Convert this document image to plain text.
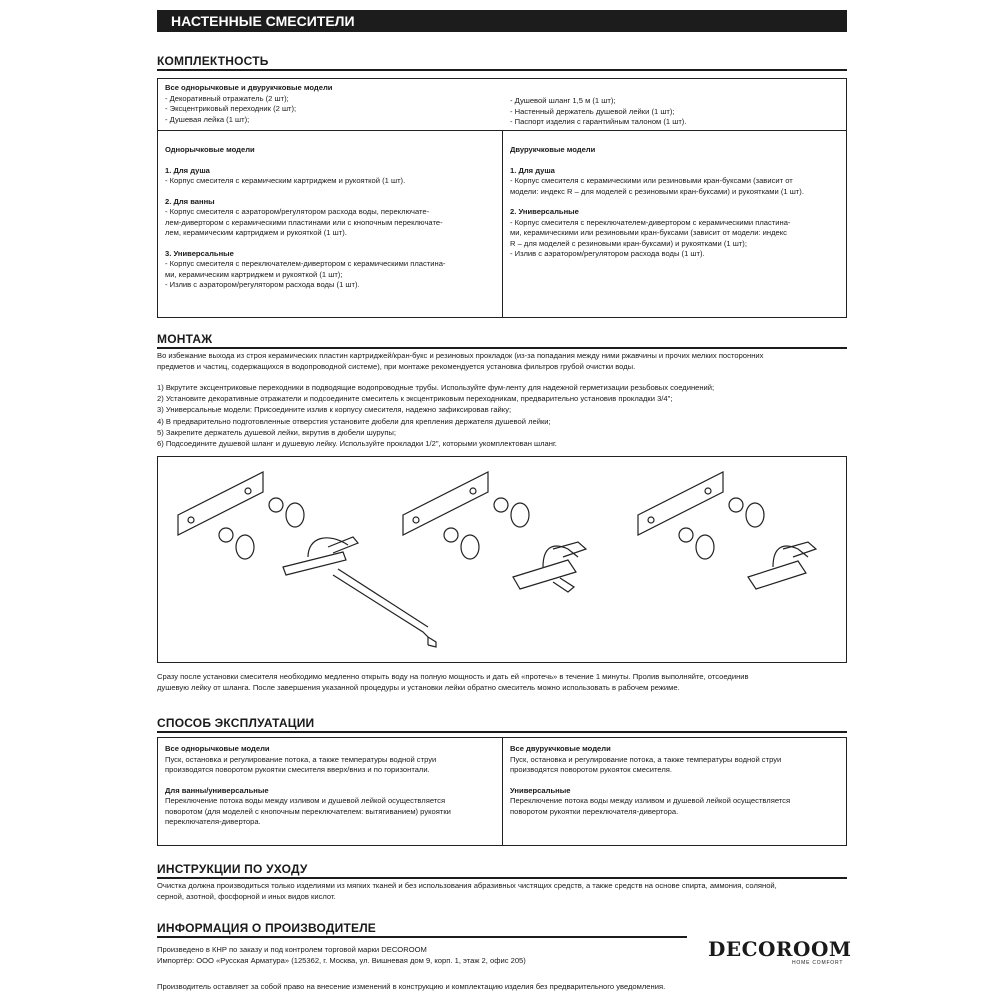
НАСТЕННЫЕ СМЕСИТЕЛИ
КОМПЛЕКТНОСТЬ
Все однорычковые и двурукчковые модели
- Декоративный отражатель (2 шт);
- Эксцентриковый переходник (2 шт);
- Душевая лейка (1 шт);
- Душевой шланг 1,5 м (1 шт);
- Настенный держатель душевой лейки (1 шт);
- Паспорт изделия с гарантийным талоном (1 шт).
Однорычковые модели
1. Для душа
- Корпус смесителя с керамическим картриджем и рукояткой (1 шт).
2. Для ванны
- Корпус смесителя с аэратором/регулятором расхода воды, переключате-
лем-дивертором с керамическими пластинами или с кнопочным переключате-
лем, керамическим картриджем и рукояткой (1 шт).
3. Универсальные
- Корпус смесителя с переключателем-дивертором с керамическими пластина-
ми, керамическим картриджем и рукояткой (1 шт);
- Излив с аэратором/регулятором расхода воды (1 шт).
Двурукчковые модели
1. Для душа
- Корпус смесителя с керамическими или резиновыми кран-буксами (зависит от
модели: индекс R – для моделей с резиновыми кран-буксами) и рукоятками (1 шт).
2. Универсальные
- Корпус смесителя с переключателем-дивертором с керамическими пластина-
ми, керамическими или резиновыми кран-буксами (зависит от модели: индекс
R – для моделей с резиновыми кран-буксами) и рукоятками (1 шт);
- Излив с аэратором/регулятором расхода воды (1 шт).
МОНТАЖ
Во избежание выхода из строя керамических пластин картриджей/кран-букс и резиновых прокладок (из-за попадания между ними ржавчины и прочих мелких посторонних
предметов и частиц, содержащихся в водопроводной системе), при монтаже рекомендуется установка фильтров грубой очистки воды.
1) Вкрутите эксцентриковые переходники в подводящие водопроводные трубы. Используйте фум-ленту для надежной герметизации резьбовых соединений;
2) Установите декоративные отражатели и подсоедините смеситель к эксцентриковым переходникам, предварительно установив прокладки 3/4";
3) Универсальные модели: Присоедините излив к корпусу смесителя, надежно зафиксировав гайку;
4) В предварительно подготовленные отверстия установите дюбели для крепления держателя душевой лейки;
5) Закрепите держатель душевой лейки, вкрутив в дюбели шурупы;
6) Подсоедините душевой шланг и душевую лейку. Используйте прокладки 1/2", которыми укомплектован шланг.
Сразу после установки смесителя необходимо медленно открыть воду на полную мощность и дать ей «протечь» в течение 1 минуты. Пролив выполняйте, отсоединив
душевую лейку от шланга. После завершения указанной процедуры и установки лейки обратно смеситель можно использовать в рабочем режиме.
СПОСОБ ЭКСПЛУАТАЦИИ
Все однорычковые модели
Пуск, остановка и регулирование потока, а также температуры водной струи
производятся поворотом рукоятки смесителя вверх/вниз и по горизонтали.
Для ванны/универсальные
Переключение потока воды между изливом и душевой лейкой осуществляется
поворотом (для моделей с кнопочным переключателем: вытягиванием) рукоятки
переключателя-дивертора.
Все двурукчковые модели
Пуск, остановка и регулирование потока, а также температуры водной струи
производятся поворотом рукояток смесителя.
Универсальные
Переключение потока воды между изливом и душевой лейкой осуществляется
поворотом рукоятки переключателя-дивертора.
ИНСТРУКЦИИ ПО УХОДУ
Очистка должна производиться только изделиями из мягких тканей и без использования абразивных чистящих средств, а также средств на основе спирта, аммония, соляной,
серной, азотной, фосфорной и иных видов кислот.
ИНФОРМАЦИЯ О ПРОИЗВОДИТЕЛЕ
Произведено в КНР по заказу и под контролем торговой марки DECOROOM
Импортёр: ООО «Русская Арматура» (125362, г. Москва, ул. Вишневая дом 9, корп. 1, этаж 2, офис 205)
Производитель оставляет за собой право на внесение изменений в конструкцию и комплектацию изделия без предварительного уведомления.
DECOROOM
HOME COMFORT
